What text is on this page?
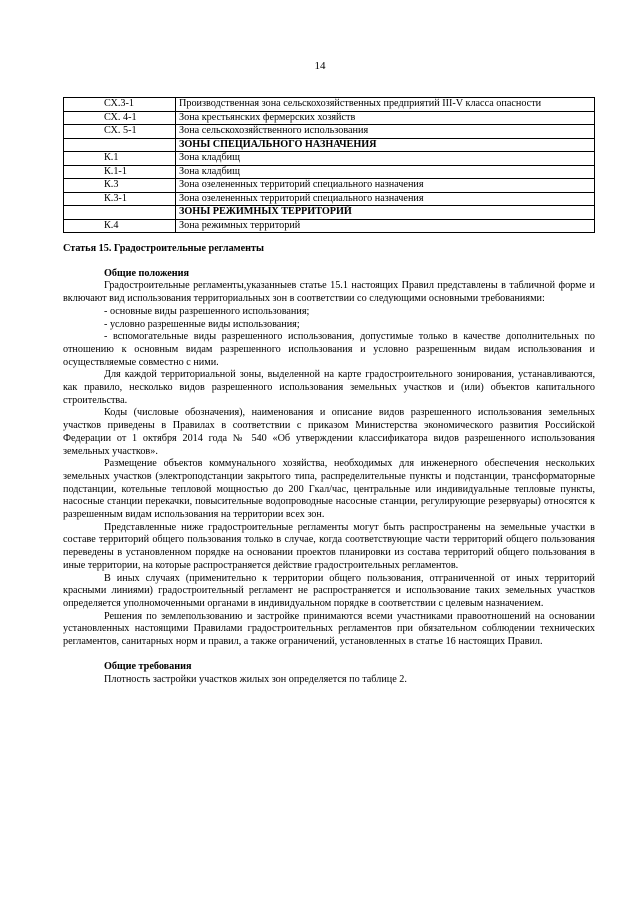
14
СХ.3-1	Производственная зона сельскохозяйственных предприятий III-V класса опасности
СХ. 4-1	Зона крестьянских фермерских хозяйств
СХ. 5-1	Зона сельскохозяйственного использования
	ЗОНЫ СПЕЦИАЛЬНОГО НАЗНАЧЕНИЯ
К.1	Зона кладбищ
К.1-1	Зона кладбищ
К.3	Зона озелененных территорий специального назначения
К.3-1	Зона озелененных территорий специального назначения
	ЗОНЫ РЕЖИМНЫХ ТЕРРИТОРИЙ
К.4	Зона режимных территорий

Статья 15. Градостроительные регламенты

Общие положения

Градостроительные регламенты,указанныев статье 15.1 настоящих Правил представлены в табличной форме и включают вид использования территориальных зон в соответствии со следующими основными требованиями:

- основные виды разрешенного использования;

- условно разрешенные виды использования;

- вспомогательные виды разрешенного использования, допустимые только в качестве дополнительных по отношению к основным видам разрешенного использования и условно разрешенным видам использования и осуществляемые совместно с ними.

Для каждой территориальной зоны, выделенной на карте градостроительного зонирования, устанавливаются, как правило, несколько видов разрешенного использования земельных участков и (или) объектов капитального строительства.

Коды (числовые обозначения), наименования и описание видов разрешенного использования земельных участков приведены в Правилах в соответствии с приказом Министерства экономического развития Российской Федерации от 1 октября 2014 года № 540 «Об утверждении классификатора видов разрешенного использования земельных участков».

Размещение объектов коммунального хозяйства, необходимых для инженерного обеспечения нескольких земельных участков (электроподстанции закрытого типа, распределительные пункты и подстанции, трансформаторные подстанции, котельные тепловой мощностью до 200 Гкал/час, центральные или индивидуальные тепловые пункты, насосные станции перекачки, повысительные водопроводные насосные станции, регулирующие резервуары) относятся к разрешенным видам использования на территории всех зон.

Представленные ниже градостроительные регламенты могут быть распространены на земельные участки в составе территорий общего пользования только в случае, когда соответствующие части территорий общего пользования переведены в установленном порядке на основании проектов планировки из состава территорий общего пользования в иные территории, на которые распространяется действие градостроительных регламентов.

В иных случаях (применительно к территории общего пользования, отграниченной от иных территорий красными линиями) градостроительный регламент не распространяется и использование таких земельных участков определяется уполномоченными органами в индивидуальном порядке в соответствии с целевым назначением.

Решения по землепользованию и застройке принимаются всеми участниками правоотношений на основании установленных настоящими Правилами градостроительных регламентов при обязательном соблюдении технических регламентов, санитарных норм и правил, а также ограничений, установленных в статье 16 настоящих Правил.

Общие требования

Плотность застройки участков жилых зон определяется по таблице 2.
